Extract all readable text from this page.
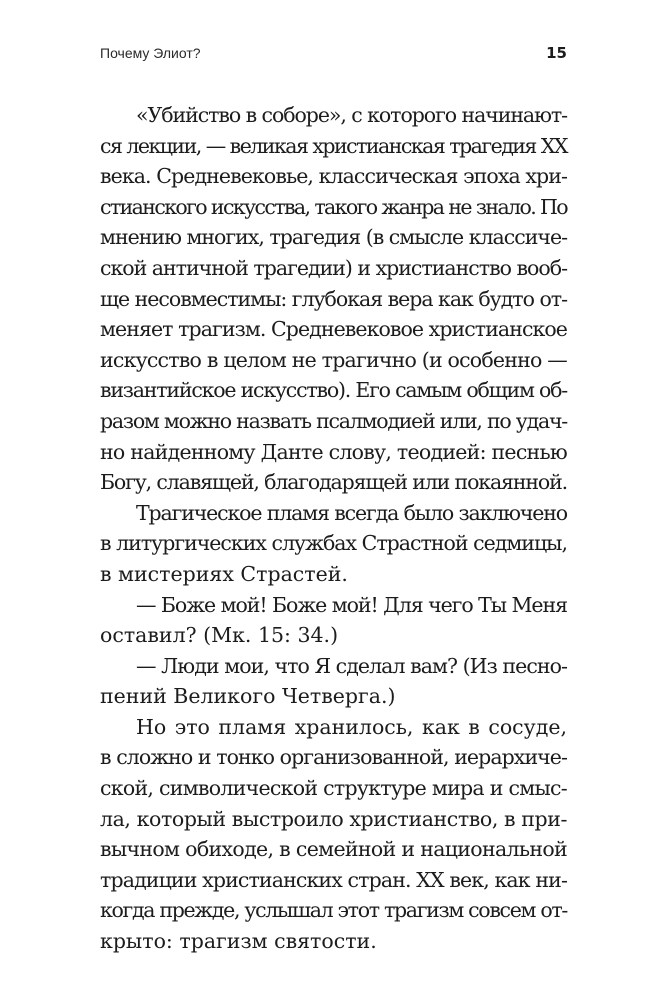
Почему Элиот?	15
«Убийство в соборе», с которого начинают-
ся лекции, — великая христианская трагедия XX
века. Средневековье, классическая эпоха хри-
стианского искусства, такого жанра не знало. По
мнению многих, трагедия (в смысле классиче-
ской античной трагедии) и христианство вооб-
ще несовместимы: глубокая вера как будто от-
меняет трагизм. Средневековое христианское
искусство в целом не трагично (и особенно —
византийское искусство). Его самым общим об-
разом можно назвать псалмодией или, по удач-
но найденному Данте слову, теодией: песнью
Богу, славящей, благодарящей или покаянной.
Трагическое пламя всегда было заключено
в литургических службах Страстной седмицы,
в мистериях Страстей.
— Боже мой! Боже мой! Для чего Ты Меня
оставил? (Мк. 15: 34.)
— Люди мои, что Я сделал вам? (Из песно-
пений Великого Четверга.)
Но это пламя хранилось, как в сосуде,
в сложно и тонко организованной, иерархиче-
ской, символической структуре мира и смыс-
ла, который выстроило христианство, в при-
вычном обиходе, в семейной и национальной
традиции христианских стран. XX век, как ни-
когда прежде, услышал этот трагизм совсем от-
крыто: трагизм святости.
